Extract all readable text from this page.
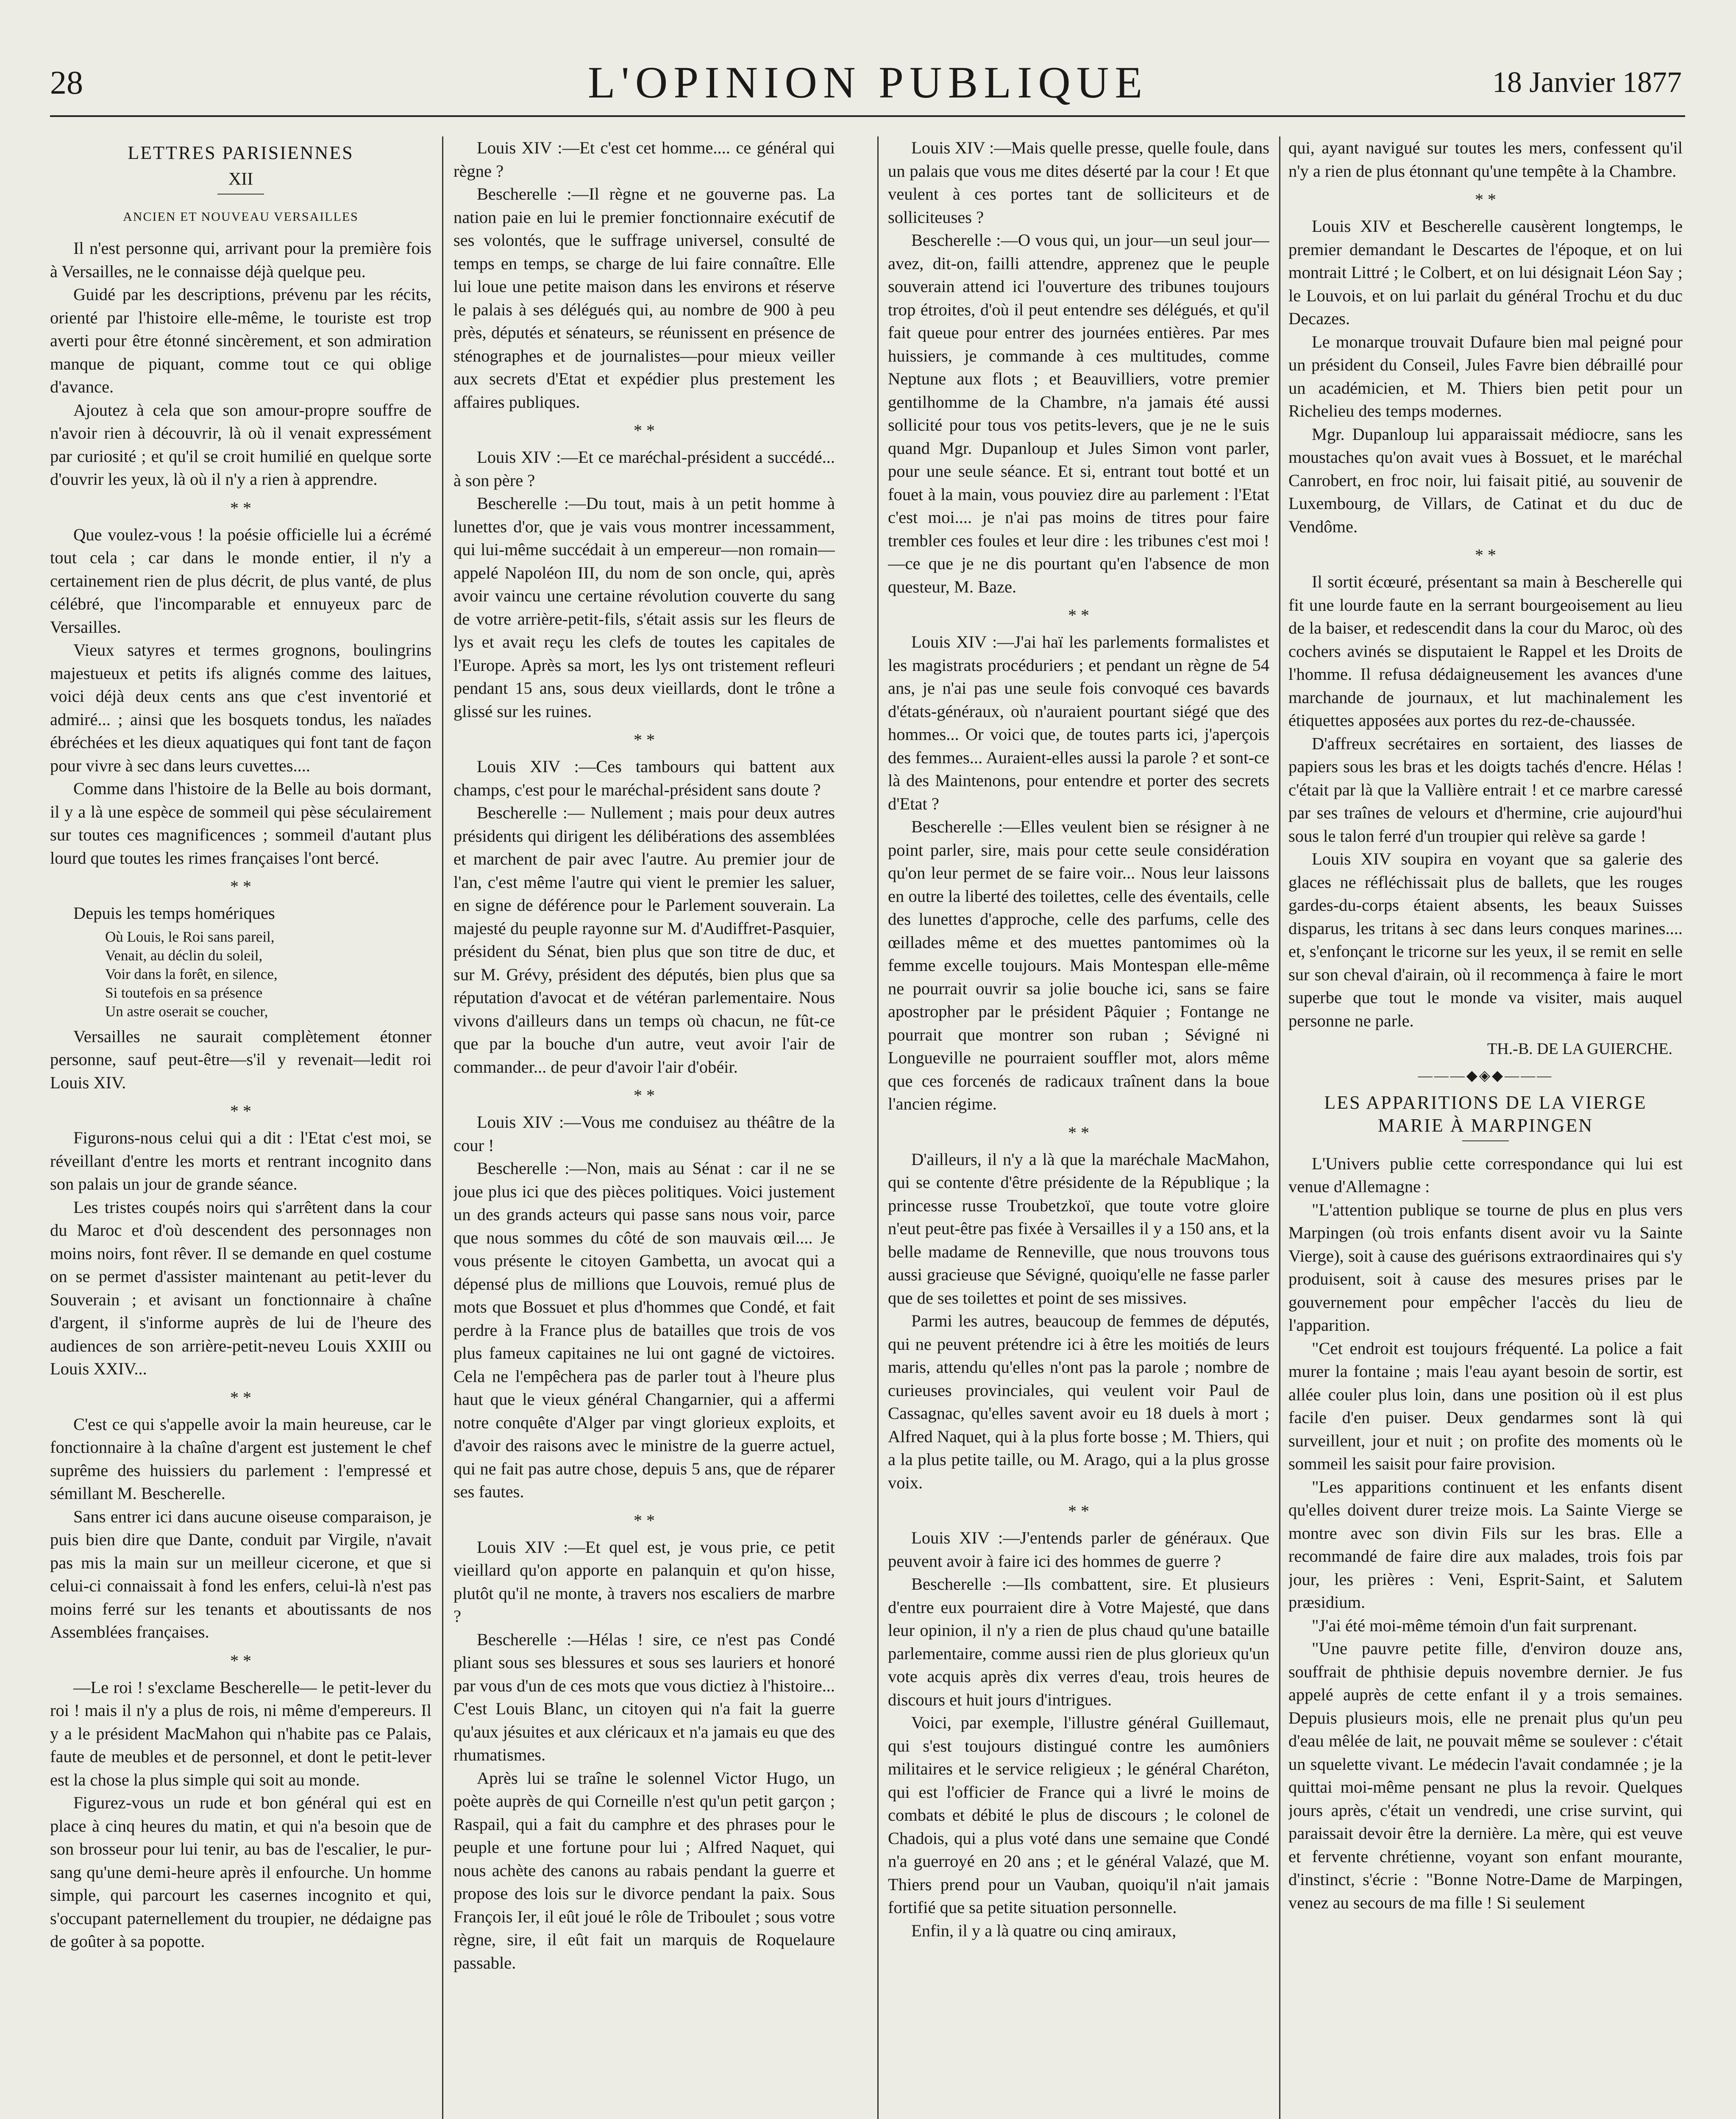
28	L'OPINION PUBLIQUE	18 Janvier 1877
LETTRES PARISIENNES
XII
ANCIEN ET NOUVEAU VERSAILLES

Il n'est personne qui, arrivant pour la première fois à Versailles, ne le connaisse déjà quelque peu.

Guidé par les descriptions, prévenu par les récits, orienté par l'histoire elle-même, le touriste est trop averti pour être étonné sincèrement, et son admiration manque de piquant, comme tout ce qui oblige d'avance.

Ajoutez à cela que son amour-propre souffre de n'avoir rien à découvrir, là où il venait expressément par curiosité ; et qu'il se croit humilié en quelque sorte d'ouvrir les yeux, là où il n'y a rien à apprendre.

* *

Que voulez-vous ! la poésie officielle lui a écrémé tout cela ; car dans le monde entier, il n'y a certainement rien de plus décrit, de plus vanté, de plus célébré, que l'incomparable et ennuyeux parc de Versailles.

Vieux satyres et termes grognons, boulingrins majestueux et petits ifs alignés comme des laitues, voici déjà deux cents ans que c'est inventorié et admiré... ; ainsi que les bosquets tondus, les naïades ébréchées et les dieux aquatiques qui font tant de façon pour vivre à sec dans leurs cuvettes....

Comme dans l'histoire de la Belle au bois dormant, il y a là une espèce de sommeil qui pèse séculairement sur toutes ces magnificences ; sommeil d'autant plus lourd que toutes les rimes françaises l'ont bercé.

* *

Depuis les temps homériques

Où Louis, le Roi sans pareil,
Venait, au déclin du soleil,
Voir dans la forêt, en silence,
Si toutefois en sa présence
Un astre oserait se coucher,

Versailles ne saurait complètement étonner personne, sauf peut-être—s'il y revenait—ledit roi Louis XIV.

* *

Figurons-nous celui qui a dit : l'Etat c'est moi, se réveillant d'entre les morts et rentrant incognito dans son palais un jour de grande séance.

Les tristes coupés noirs qui s'arrêtent dans la cour du Maroc et d'où descendent des personnages non moins noirs, font rêver. Il se demande en quel costume on se permet d'assister maintenant au petit-lever du Souverain ; et avisant un fonctionnaire à chaîne d'argent, il s'informe auprès de lui de l'heure des audiences de son arrière-petit-neveu Louis XXIII ou Louis XXIV...

* *

C'est ce qui s'appelle avoir la main heureuse, car le fonctionnaire à la chaîne d'argent est justement le chef suprême des huissiers du parlement : l'empressé et sémillant M. Bescherelle.

Sans entrer ici dans aucune oiseuse comparaison, je puis bien dire que Dante, conduit par Virgile, n'avait pas mis la main sur un meilleur cicerone, et que si celui-ci connaissait à fond les enfers, celui-là n'est pas moins ferré sur les tenants et aboutissants de nos Assemblées françaises.

* *

—Le roi ! s'exclame Bescherelle— le petit-lever du roi ! mais il n'y a plus de rois, ni même d'empereurs. Il y a le président MacMahon qui n'habite pas ce Palais, faute de meubles et de personnel, et dont le petit-lever est la chose la plus simple qui soit au monde.

Figurez-vous un rude et bon général qui est en place à cinq heures du matin, et qui n'a besoin que de son brosseur pour lui tenir, au bas de l'escalier, le pur-sang qu'une demi-heure après il enfourche. Un homme simple, qui parcourt les casernes incognito et qui, s'occupant paternellement du troupier, ne dédaigne pas de goûter à sa popotte.

Louis XIV :—Et c'est cet homme.... ce général qui règne ?

Bescherelle :—Il règne et ne gouverne pas. La nation paie en lui le premier fonctionnaire exécutif de ses volontés, que le suffrage universel, consulté de temps en temps, se charge de lui faire connaître. Elle lui loue une petite maison dans les environs et réserve le palais à ses délégués qui, au nombre de 900 à peu près, députés et sénateurs, se réunissent en présence de sténographes et de journalistes—pour mieux veiller aux secrets d'Etat et expédier plus prestement les affaires publiques.

* *

Louis XIV :—Et ce maréchal-président a succédé... à son père ?

Bescherelle :—Du tout, mais à un petit homme à lunettes d'or, que je vais vous montrer incessamment, qui lui-même succédait à un empereur—non romain—appelé Napoléon III, du nom de son oncle, qui, après avoir vaincu une certaine révolution couverte du sang de votre arrière-petit-fils, s'était assis sur les fleurs de lys et avait reçu les clefs de toutes les capitales de l'Europe. Après sa mort, les lys ont tristement refleuri pendant 15 ans, sous deux vieillards, dont le trône a glissé sur les ruines.

* *

Louis XIV :—Ces tambours qui battent aux champs, c'est pour le maréchal-président sans doute ?

Bescherelle :— Nullement ; mais pour deux autres présidents qui dirigent les délibérations des assemblées et marchent de pair avec l'autre. Au premier jour de l'an, c'est même l'autre qui vient le premier les saluer, en signe de déférence pour le Parlement souverain. La majesté du peuple rayonne sur M. d'Audiffret-Pasquier, président du Sénat, bien plus que son titre de duc, et sur M. Grévy, président des députés, bien plus que sa réputation d'avocat et de vétéran parlementaire. Nous vivons d'ailleurs dans un temps où chacun, ne fût-ce que par la bouche d'un autre, veut avoir l'air de commander... de peur d'avoir l'air d'obéir.

* *

Louis XIV :—Vous me conduisez au théâtre de la cour !

Bescherelle :—Non, mais au Sénat : car il ne se joue plus ici que des pièces politiques. Voici justement un des grands acteurs qui passe sans nous voir, parce que nous sommes du côté de son mauvais œil.... Je vous présente le citoyen Gambetta, un avocat qui a dépensé plus de millions que Louvois, remué plus de mots que Bossuet et plus d'hommes que Condé, et fait perdre à la France plus de batailles que trois de vos plus fameux capitaines ne lui ont gagné de victoires. Cela ne l'empêchera pas de parler tout à l'heure plus haut que le vieux général Changarnier, qui a affermi notre conquête d'Alger par vingt glorieux exploits, et d'avoir des raisons avec le ministre de la guerre actuel, qui ne fait pas autre chose, depuis 5 ans, que de réparer ses fautes.

* *

Louis XIV :—Et quel est, je vous prie, ce petit vieillard qu'on apporte en palanquin et qu'on hisse, plutôt qu'il ne monte, à travers nos escaliers de marbre ?

Bescherelle :—Hélas ! sire, ce n'est pas Condé pliant sous ses blessures et sous ses lauriers et honoré par vous d'un de ces mots que vous dictiez à l'histoire... C'est Louis Blanc, un citoyen qui n'a fait la guerre qu'aux jésuites et aux cléricaux et n'a jamais eu que des rhumatismes.

Après lui se traîne le solennel Victor Hugo, un poète auprès de qui Corneille n'est qu'un petit garçon ; Raspail, qui a fait du camphre et des phrases pour le peuple et une fortune pour lui ; Alfred Naquet, qui nous achète des canons au rabais pendant la guerre et propose des lois sur le divorce pendant la paix. Sous François Ier, il eût joué le rôle de Triboulet ; sous votre règne, sire, il eût fait un marquis de Roquelaure passable.

Louis XIV :—Mais quelle presse, quelle foule, dans un palais que vous me dites déserté par la cour ! Et que veulent à ces portes tant de solliciteurs et de solliciteuses ?

Bescherelle :—O vous qui, un jour—un seul jour—avez, dit-on, failli attendre, apprenez que le peuple souverain attend ici l'ouverture des tribunes toujours trop étroites, d'où il peut entendre ses délégués, et qu'il fait queue pour entrer des journées entières. Par mes huissiers, je commande à ces multitudes, comme Neptune aux flots ; et Beauvilliers, votre premier gentilhomme de la Chambre, n'a jamais été aussi sollicité pour tous vos petits-levers, que je ne le suis quand Mgr. Dupanloup et Jules Simon vont parler, pour une seule séance. Et si, entrant tout botté et un fouet à la main, vous pouviez dire au parlement : l'Etat c'est moi.... je n'ai pas moins de titres pour faire trembler ces foules et leur dire : les tribunes c'est moi !—ce que je ne dis pourtant qu'en l'absence de mon questeur, M. Baze.

* *

Louis XIV :—J'ai haï les parlements formalistes et les magistrats procéduriers ; et pendant un règne de 54 ans, je n'ai pas une seule fois convoqué ces bavards d'états-généraux, où n'auraient pourtant siégé que des hommes... Or voici que, de toutes parts ici, j'aperçois des femmes... Auraient-elles aussi la parole ? et sont-ce là des Maintenons, pour entendre et porter des secrets d'Etat ?

Bescherelle :—Elles veulent bien se résigner à ne point parler, sire, mais pour cette seule considération qu'on leur permet de se faire voir... Nous leur laissons en outre la liberté des toilettes, celle des éventails, celle des lunettes d'approche, celle des parfums, celle des œillades même et des muettes pantomimes où la femme excelle toujours. Mais Montespan elle-même ne pourrait ouvrir sa jolie bouche ici, sans se faire apostropher par le président Pâquier ; Fontange ne pourrait que montrer son ruban ; Sévigné ni Longueville ne pourraient souffler mot, alors même que ces forcenés de radicaux traînent dans la boue l'ancien régime.

* *

D'ailleurs, il n'y a là que la maréchale MacMahon, qui se contente d'être présidente de la République ; la princesse russe Troubetzkoï, que toute votre gloire n'eut peut-être pas fixée à Versailles il y a 150 ans, et la belle madame de Renneville, que nous trouvons tous aussi gracieuse que Sévigné, quoiqu'elle ne fasse parler que de ses toilettes et point de ses missives.

Parmi les autres, beaucoup de femmes de députés, qui ne peuvent prétendre ici à être les moitiés de leurs maris, attendu qu'elles n'ont pas la parole ; nombre de curieuses provinciales, qui veulent voir Paul de Cassagnac, qu'elles savent avoir eu 18 duels à mort ; Alfred Naquet, qui à la plus forte bosse ; M. Thiers, qui a la plus petite taille, ou M. Arago, qui a la plus grosse voix.

* *

Louis XIV :—J'entends parler de généraux. Que peuvent avoir à faire ici des hommes de guerre ?

Bescherelle :—Ils combattent, sire. Et plusieurs d'entre eux pourraient dire à Votre Majesté, que dans leur opinion, il n'y a rien de plus chaud qu'une bataille parlementaire, comme aussi rien de plus glorieux qu'un vote acquis après dix verres d'eau, trois heures de discours et huit jours d'intrigues.

Voici, par exemple, l'illustre général Guillemaut, qui s'est toujours distingué contre les aumôniers militaires et le service religieux ; le général Charéton, qui est l'officier de France qui a livré le moins de combats et débité le plus de discours ; le colonel de Chadois, qui a plus voté dans une semaine que Condé n'a guerroyé en 20 ans ; et le général Valazé, que M. Thiers prend pour un Vauban, quoiqu'il n'ait jamais fortifié que sa petite situation personnelle.

Enfin, il y a là quatre ou cinq amiraux,

qui, ayant navigué sur toutes les mers, confessent qu'il n'y a rien de plus étonnant qu'une tempête à la Chambre.

* *

Louis XIV et Bescherelle causèrent longtemps, le premier demandant le Descartes de l'époque, et on lui montrait Littré ; le Colbert, et on lui désignait Léon Say ; le Louvois, et on lui parlait du général Trochu et du duc Decazes.

Le monarque trouvait Dufaure bien mal peigné pour un président du Conseil, Jules Favre bien débraillé pour un académicien, et M. Thiers bien petit pour un Richelieu des temps modernes.

Mgr. Dupanloup lui apparaissait médiocre, sans les moustaches qu'on avait vues à Bossuet, et le maréchal Canrobert, en froc noir, lui faisait pitié, au souvenir de Luxembourg, de Villars, de Catinat et du duc de Vendôme.

* *

Il sortit écœuré, présentant sa main à Bescherelle qui fit une lourde faute en la serrant bourgeoisement au lieu de la baiser, et redescendit dans la cour du Maroc, où des cochers avinés se disputaient le Rappel et les Droits de l'homme. Il refusa dédaigneusement les avances d'une marchande de journaux, et lut machinalement les étiquettes apposées aux portes du rez-de-chaussée.

D'affreux secrétaires en sortaient, des liasses de papiers sous les bras et les doigts tachés d'encre. Hélas ! c'était par là que la Vallière entrait ! et ce marbre caressé par ses traînes de velours et d'hermine, crie aujourd'hui sous le talon ferré d'un troupier qui relève sa garde !

Louis XIV soupira en voyant que sa galerie des glaces ne réfléchissait plus de ballets, que les rouges gardes-du-corps étaient absents, les beaux Suisses disparus, les tritans à sec dans leurs conques marines.... et, s'enfonçant le tricorne sur les yeux, il se remit en selle sur son cheval d'airain, où il recommença à faire le mort superbe que tout le monde va visiter, mais auquel personne ne parle.

TH.-B. DE LA GUIERCHE.
———◆◈◆———
LES APPARITIONS DE LA VIERGE MARIE À MARPINGEN

L'Univers publie cette correspondance qui lui est venue d'Allemagne :

"L'attention publique se tourne de plus en plus vers Marpingen (où trois enfants disent avoir vu la Sainte Vierge), soit à cause des guérisons extraordinaires qui s'y produisent, soit à cause des mesures prises par le gouvernement pour empêcher l'accès du lieu de l'apparition.

"Cet endroit est toujours fréquenté. La police a fait murer la fontaine ; mais l'eau ayant besoin de sortir, est allée couler plus loin, dans une position où il est plus facile d'en puiser. Deux gendarmes sont là qui surveillent, jour et nuit ; on profite des moments où le sommeil les saisit pour faire provision.

"Les apparitions continuent et les enfants disent qu'elles doivent durer treize mois. La Sainte Vierge se montre avec son divin Fils sur les bras. Elle a recommandé de faire dire aux malades, trois fois par jour, les prières : Veni, Esprit-Saint, et Salutem præsidium.

"J'ai été moi-même témoin d'un fait surprenant.

"Une pauvre petite fille, d'environ douze ans, souffrait de phthisie depuis novembre dernier. Je fus appelé auprès de cette enfant il y a trois semaines. Depuis plusieurs mois, elle ne prenait plus qu'un peu d'eau mêlée de lait, ne pouvait même se soulever : c'était un squelette vivant. Le médecin l'avait condamnée ; je la quittai moi-même pensant ne plus la revoir. Quelques jours après, c'était un vendredi, une crise survint, qui paraissait devoir être la dernière. La mère, qui est veuve et fervente chrétienne, voyant son enfant mourante, d'instinct, s'écrie : "Bonne Notre-Dame de Marpingen, venez au secours de ma fille ! Si seulement
